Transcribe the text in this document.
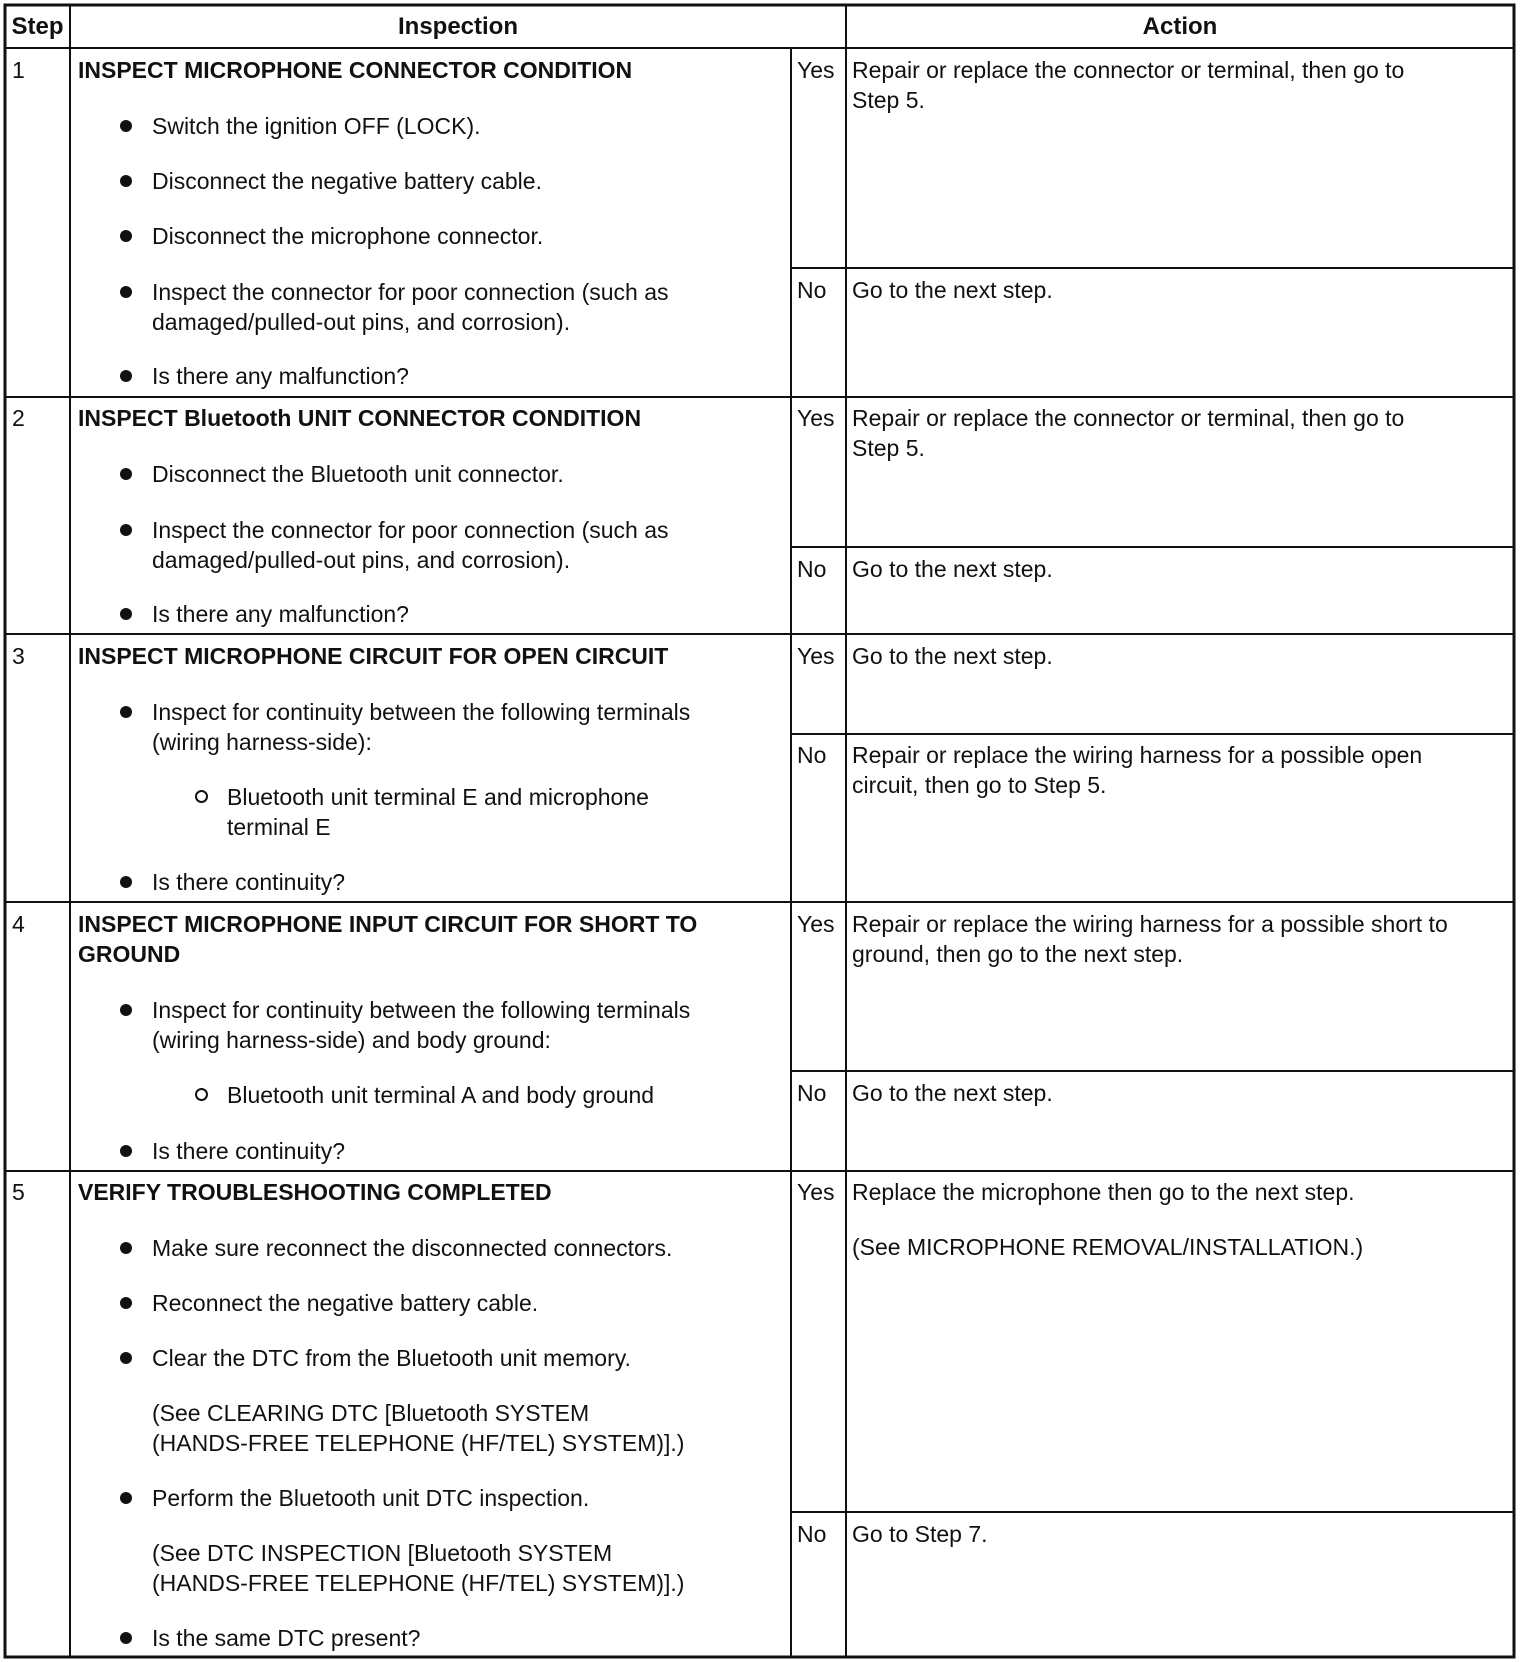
Step	Inspection	Action
1 INSPECT MICROPHONE CONNECTOR CONDITION
Switch the ignition OFF (LOCK).
Disconnect the negative battery cable.
Disconnect the microphone connector.
Inspect the connector for poor connection (such as
damaged/pulled-out pins, and corrosion).
Is there any malfunction?
Yes Repair or replace the connector or terminal, then go to
Step 5.
No Go to the next step.
2 INSPECT Bluetooth UNIT CONNECTOR CONDITION
Disconnect the Bluetooth unit connector.
Inspect the connector for poor connection (such as
damaged/pulled-out pins, and corrosion).
Is there any malfunction?
Yes Repair or replace the connector or terminal, then go to
Step 5.
No Go to the next step.
3 INSPECT MICROPHONE CIRCUIT FOR OPEN CIRCUIT
Inspect for continuity between the following terminals
(wiring harness-side):
Bluetooth unit terminal E and microphone
terminal E
Is there continuity?
Yes Go to the next step.
No Repair or replace the wiring harness for a possible open
circuit, then go to Step 5.
4 INSPECT MICROPHONE INPUT CIRCUIT FOR SHORT TO
GROUND
Inspect for continuity between the following terminals
(wiring harness-side) and body ground:
Bluetooth unit terminal A and body ground
Is there continuity?
Yes Repair or replace the wiring harness for a possible short to
ground, then go to the next step.
No Go to the next step.
5 VERIFY TROUBLESHOOTING COMPLETED
Make sure reconnect the disconnected connectors.
Reconnect the negative battery cable.
Clear the DTC from the Bluetooth unit memory.
(See CLEARING DTC [Bluetooth SYSTEM
(HANDS-FREE TELEPHONE (HF/TEL) SYSTEM)].)
Perform the Bluetooth unit DTC inspection.
(See DTC INSPECTION [Bluetooth SYSTEM
(HANDS-FREE TELEPHONE (HF/TEL) SYSTEM)].)
Is the same DTC present?
Yes Replace the microphone then go to the next step.
(See MICROPHONE REMOVAL/INSTALLATION.)
No Go to Step 7.
